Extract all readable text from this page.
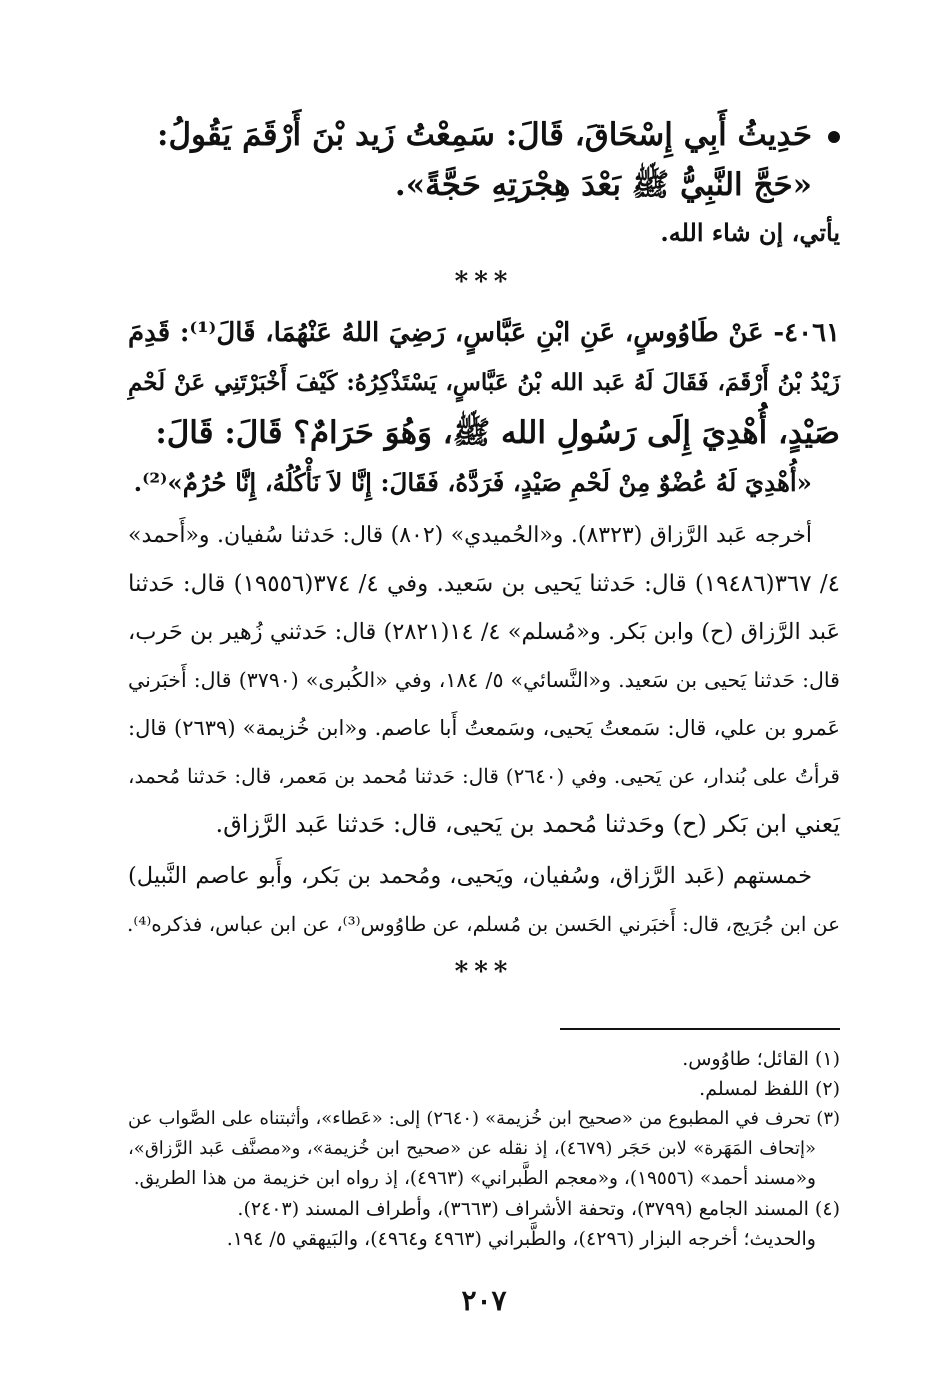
حَدِيثُ أَبِي إِسْحَاقَ، قَالَ: سَمِعْتُ زَيد بْنَ أَرْقَمَ يَقُولُ:
«حَجَّ النَّبِيُّ ﷺ بَعْدَ هِجْرَتِهِ حَجَّةً».
يأتي، إن شاء الله.
***
٤٠٦١- عَنْ طَاوُوسٍ، عَنِ ابْنِ عَبَّاسٍ، رَضِيَ اللهُ عَنْهُمَا، قَالَ⁽¹⁾: قَدِمَ
زَيْدُ بْنُ أَرْقَمَ، فَقَالَ لَهُ عَبد الله بْنُ عَبَّاسٍ، يَسْتَذْكِرُهُ: كَيْفَ أَخْبَرْتَنِي عَنْ لَحْمِ
صَيْدٍ، أُهْدِيَ إِلَى رَسُولِ الله ﷺ، وَهُوَ حَرَامٌ؟ قَالَ: قَالَ:
«أُهْدِيَ لَهُ عُضْوٌ مِنْ لَحْمِ صَيْدٍ، فَرَدَّهُ، فَقَالَ: إِنَّا لاَ نَأْكُلُهُ، إِنَّا حُرُمٌ»⁽²⁾.
أخرجه عَبد الرَّزاق (٨٣٢٣). و«الحُميدي» (٨٠٢) قال: حَدثنا سُفيان. و«أَحمد»
٤/ ٣٦٧(١٩٤٨٦) قال: حَدثنا يَحيى بن سَعيد. وفي ٤/ ٣٧٤(١٩٥٥٦) قال: حَدثنا
عَبد الرَّزاق (ح) وابن بَكر. و«مُسلم» ٤/ ١٤(٢٨٢١) قال: حَدثني زُهير بن حَرب،
قال: حَدثنا يَحيى بن سَعيد. و«النَّسائي» ٥/ ١٨٤، وفي «الكُبرى» (٣٧٩٠) قال: أَخبَرني
عَمرو بن علي، قال: سَمعتُ يَحيى، وسَمعتُ أَبا عاصم. و«ابن خُزيمة» (٢٦٣٩) قال:
قرأتُ على بُندار، عن يَحيى. وفي (٢٦٤٠) قال: حَدثنا مُحمد بن مَعمر، قال: حَدثنا مُحمد،
يَعني ابن بَكر (ح) وحَدثنا مُحمد بن يَحيى، قال: حَدثنا عَبد الرَّزاق.
خمستهم (عَبد الرَّزاق، وسُفيان، ويَحيى، ومُحمد بن بَكر، وأَبو عاصم النَّبيل)
عن ابن جُرَيج، قال: أَخبَرني الحَسن بن مُسلم، عن طاوُوس⁽³⁾، عن ابن عباس، فذكره⁽⁴⁾.
***
(١) القائل؛ طاوُوس.
(٢) اللفظ لمسلم.
(٣) تحرف في المطبوع من «صحيح ابن خُزيمة» (٢٦٤٠) إلى: «عَطاء»، وأثبتناه على الصَّواب عن
«إتحاف المَهَرة» لابن حَجَر (٤٦٧٩)، إذ نقله عن «صحيح ابن خُزيمة»، و«مصنَّف عَبد الرَّزاق»،
و«مسند أحمد» (١٩٥٥٦)، و«معجم الطَّبراني» (٤٩٦٣)، إذ رواه ابن خزيمة من هذا الطريق.
(٤) المسند الجامع (٣٧٩٩)، وتحفة الأشراف (٣٦٦٣)، وأطراف المسند (٢٤٠٣).
والحديث؛ أخرجه البزار (٤٢٩٦)، والطَّبراني (٤٩٦٣ و٤٩٦٤)، والبَيهقي ٥/ ١٩٤.
٢٠٧
